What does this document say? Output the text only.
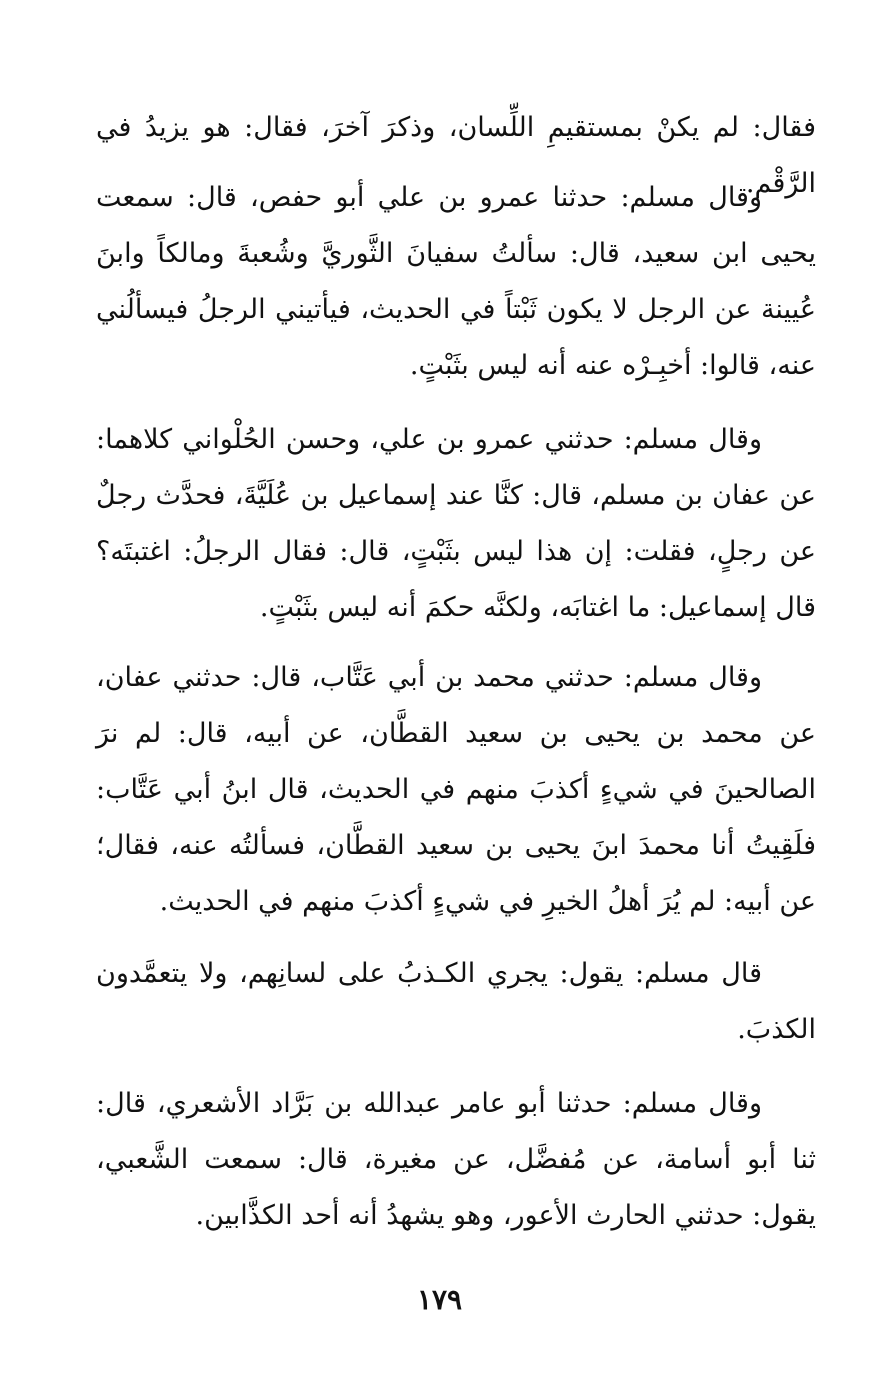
فقال: لم يكنْ بمستقيمِ اللِّسان، وذكرَ آخرَ، فقال: هو يزيدُ في الرَّقْم.

وقال مسلم: حدثنا عمرو بن علي أبو حفص، قال: سمعت يحيى ابن سعيد، قال: سألتُ سفيانَ الثَّوريَّ وشُعبةَ ومالكاً وابنَ عُيينة عن الرجل لا يكون ثَبْتاً في الحديث، فيأتيني الرجلُ فيسألُني عنه، قالوا: أخبِـرْه عنه أنه ليس بثَبْتٍ.

وقال مسلم: حدثني عمرو بن علي، وحسن الحُلْواني كلاهما: عن عفان بن مسلم، قال: كنَّا عند إسماعيل بن عُلَيَّةَ، فحدَّث رجلٌ عن رجلٍ، فقلت: إن هذا ليس بثَبْتٍ، قال: فقال الرجلُ: اغتبتَه؟ قال إسماعيل: ما اغتابَه، ولكنَّه حكمَ أنه ليس بثَبْتٍ.

وقال مسلم: حدثني محمد بن أبي عَتَّاب، قال: حدثني عفان، عن محمد بن يحيى بن سعيد القطَّان، عن أبيه، قال: لم نرَ الصالحينَ في شيءٍ أكذبَ منهم في الحديث، قال ابنُ أبي عَتَّاب: فلَقِيتُ أنا محمدَ ابنَ يحيى بن سعيد القطَّان، فسألتُه عنه، فقال؛ عن أبيه: لم يُرَ أهلُ الخيرِ في شيءٍ أكذبَ منهم في الحديث.

قال مسلم: يقول: يجري الكـذبُ على لسانِهم، ولا يتعمَّدون الكذبَ.

وقال مسلم: حدثنا أبو عامر عبدالله بن بَرَّاد الأشعري، قال: ثنا أبو أسامة، عن مُفضَّل، عن مغيرة، قال: سمعت الشَّعبي، يقول: حدثني الحارث الأعور، وهو يشهدُ أنه أحد الكذَّابين.

١٧٩
